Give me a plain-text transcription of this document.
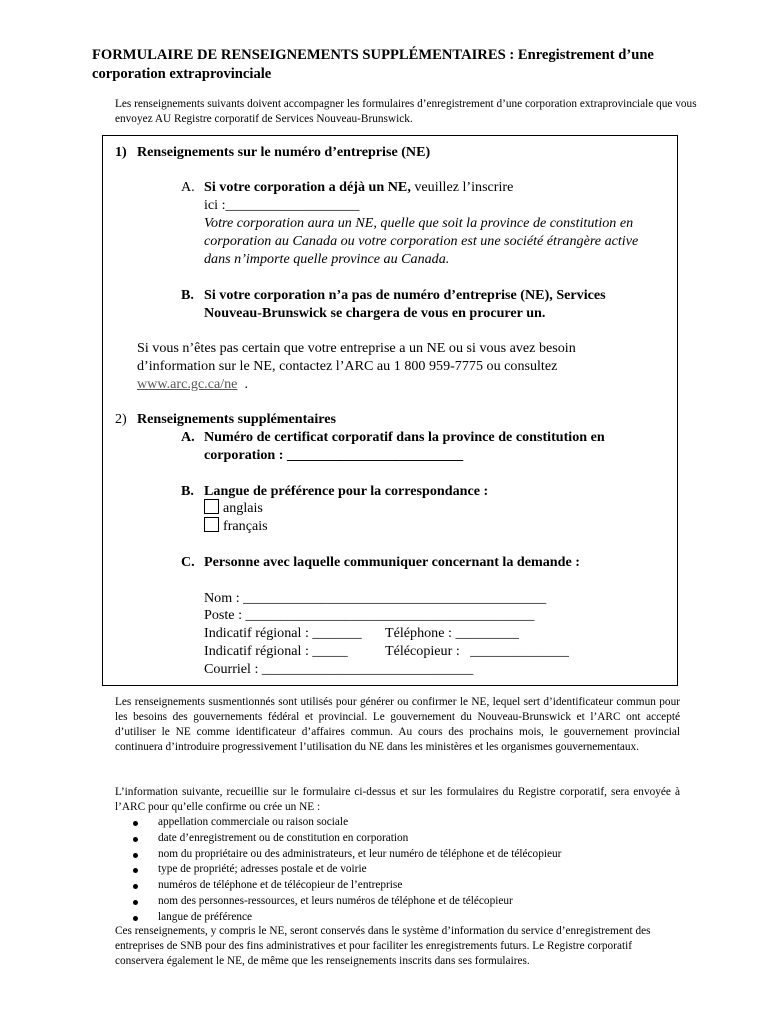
FORMULAIRE DE RENSEIGNEMENTS SUPPLÉMENTAIRES : Enregistrement d’une corporation extraprovinciale
Les renseignements suivants doivent accompagner les formulaires d’enregistrement d’une corporation extraprovinciale que vous envoyez AU Registre corporatif de Services Nouveau-Brunswick.
1) Renseignements sur le numéro d’entreprise (NE)
A. Si votre corporation a déjà un NE, veuillez l’inscrire
ici :___________________
Votre corporation aura un NE, quelle que soit la province de constitution en
corporation au Canada ou votre corporation est une société étrangère active
dans n’importe quelle province au Canada.
B. Si votre corporation n’a pas de numéro d’entreprise (NE), Services
Nouveau-Brunswick se chargera de vous en procurer un.
Si vous n’êtes pas certain que votre entreprise a un NE ou si vous avez besoin
d’information sur le NE, contactez l’ARC au 1 800 959-7775 ou consultez
www.arc.gc.ca/ne  .
2) Renseignements supplémentaires
A. Numéro de certificat corporatif dans la province de constitution en
corporation : _________________________
B. Langue de préférence pour la correspondance :
anglais
français
C. Personne avec laquelle communiquer concernant la demande :
Nom : ___________________________________________
Poste : _________________________________________
Indicatif régional : _______ Téléphone : _________
Indicatif régional : _____	Télécopieur :   ______________
Courriel : ______________________________
Les renseignements susmentionnés sont utilisés pour générer ou confirmer le NE, lequel sert d’identificateur commun pour les besoins des gouvernements fédéral et provincial. Le gouvernement du Nouveau-Brunswick et l’ARC ont accepté d’utiliser le NE comme identificateur d’affaires commun. Au cours des prochains mois, le gouvernement provincial continuera d’introduire progressivement l’utilisation du NE dans les ministères et les organismes gouvernementaux.
L’information suivante, recueillie sur le formulaire ci-dessus et sur les formulaires du Registre corporatif, sera envoyée à l’ARC pour qu’elle confirme ou crée un NE :
appellation commerciale ou raison sociale
date d’enregistrement ou de constitution en corporation
nom du propriétaire ou des administrateurs, et leur numéro de téléphone et de télécopieur
type de propriété; adresses postale et de voirie
numéros de téléphone et de télécopieur de l’entreprise
nom des personnes-ressources, et leurs numéros de téléphone et de télécopieur
langue de préférence
Ces renseignements, y compris le NE, seront conservés dans le système d’information du service d’enregistrement des entreprises de SNB pour des fins administratives et pour faciliter les enregistrements futurs. Le Registre corporatif conservera également le NE, de même que les renseignements inscrits dans ses formulaires.
